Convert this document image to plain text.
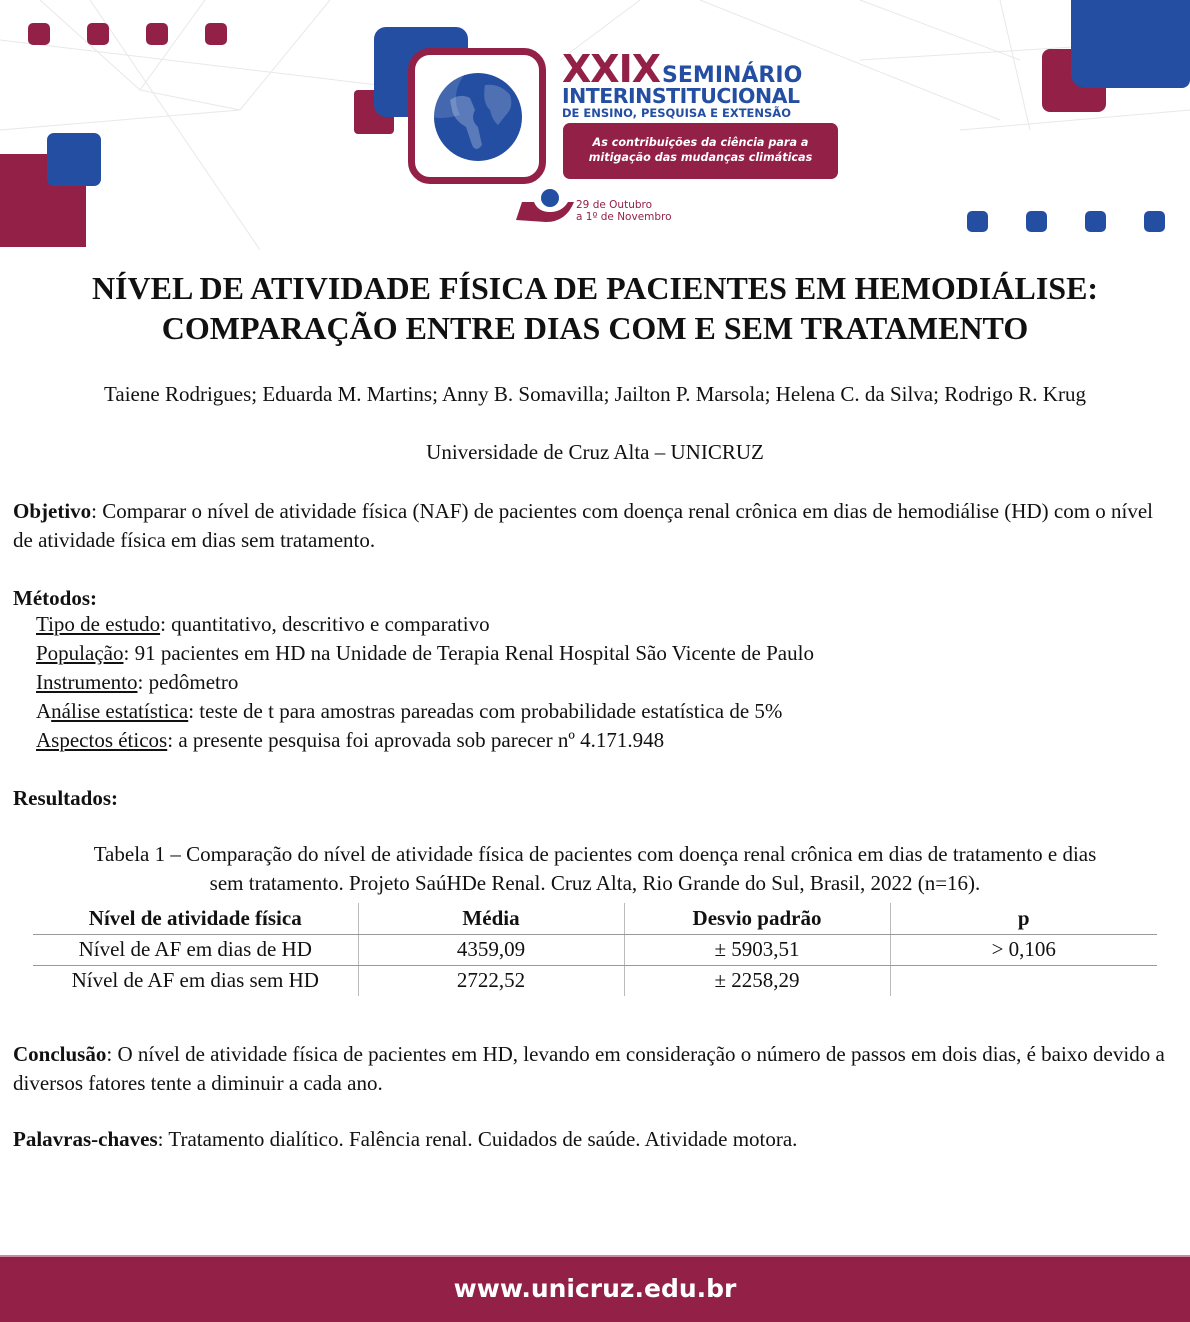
XXIXSEMINÁRIO
INTERINSTITUCIONAL
DE ENSINO, PESQUISA E EXTENSÃO
As contribuições da ciência para a
mitigação das mudanças climáticas
29 de Outubro
a 1º de Novembro
NÍVEL DE ATIVIDADE FÍSICA DE PACIENTES EM HEMODIÁLISE:
COMPARAÇÃO ENTRE DIAS COM E SEM TRATAMENTO
Taiene Rodrigues; Eduarda M. Martins; Anny B. Somavilla; Jailton P. Marsola; Helena C. da Silva; Rodrigo R. Krug
Universidade de Cruz Alta – UNICRUZ
Objetivo: Comparar o nível de atividade física (NAF) de pacientes com doença renal crônica em dias de hemodiálise (HD) com o nível de atividade física em dias sem tratamento.
Métodos:
Tipo de estudo: quantitativo, descritivo e comparativo
População: 91 pacientes em HD na Unidade de Terapia Renal Hospital São Vicente de Paulo
Instrumento: pedômetro
Análise estatística: teste de t para amostras pareadas com probabilidade estatística de 5%
Aspectos éticos: a presente pesquisa foi aprovada sob parecer nº 4.171.948
Resultados:
Tabela 1 – Comparação do nível de atividade física de pacientes com doença renal crônica em dias de tratamento e dias
sem tratamento. Projeto SaúHDe Renal. Cruz Alta, Rio Grande do Sul, Brasil, 2022 (n=16).
Nível de atividade física	Média	Desvio padrão	p
Nível de AF em dias de HD	4359,09	± 5903,51	> 0,106
Nível de AF em dias sem HD	2722,52	± 2258,29	
Conclusão: O nível de atividade física de pacientes em HD, levando em consideração o número de passos em dois dias, é baixo devido a diversos fatores tente a diminuir a cada ano.
Palavras-chaves: Tratamento dialítico. Falência renal. Cuidados de saúde. Atividade motora.
www.unicruz.edu.br
